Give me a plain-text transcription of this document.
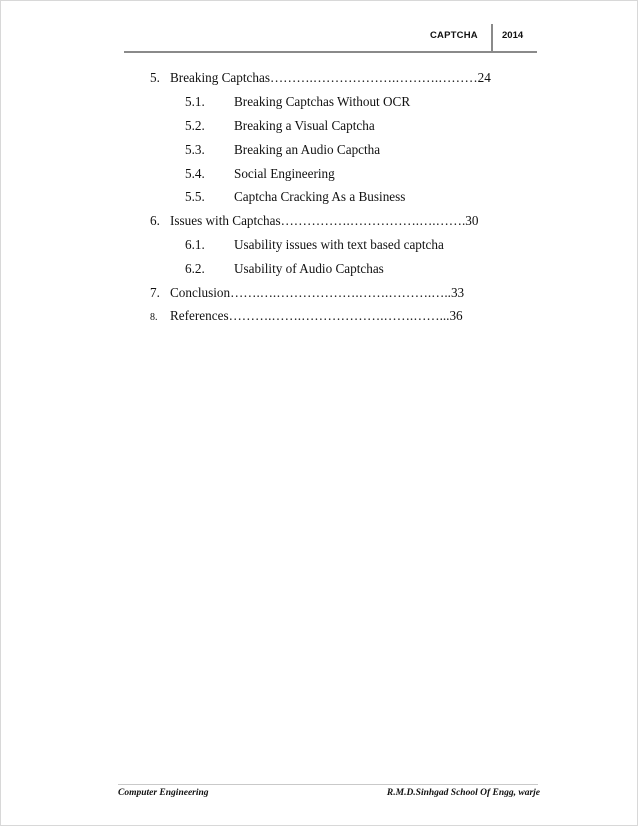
CAPTCHA	2014
5. Breaking Captchas……….……………….……….………24
5.1. Breaking Captchas Without OCR
5.2. Breaking a Visual Captcha
5.3. Breaking an Audio Capctha
5.4. Social Engineering
5.5. Captcha Cracking As a Business
6. Issues with Captchas…………….…………….….…….30
6.1. Usability issues with text based captcha
6.2. Usability of Audio Captchas
7. Conclusion…….….……………….…….……….…..33
8. References……….…….……………….…….……...36
Computer Engineering	R.M.D.Sinhgad School Of Engg, warje
